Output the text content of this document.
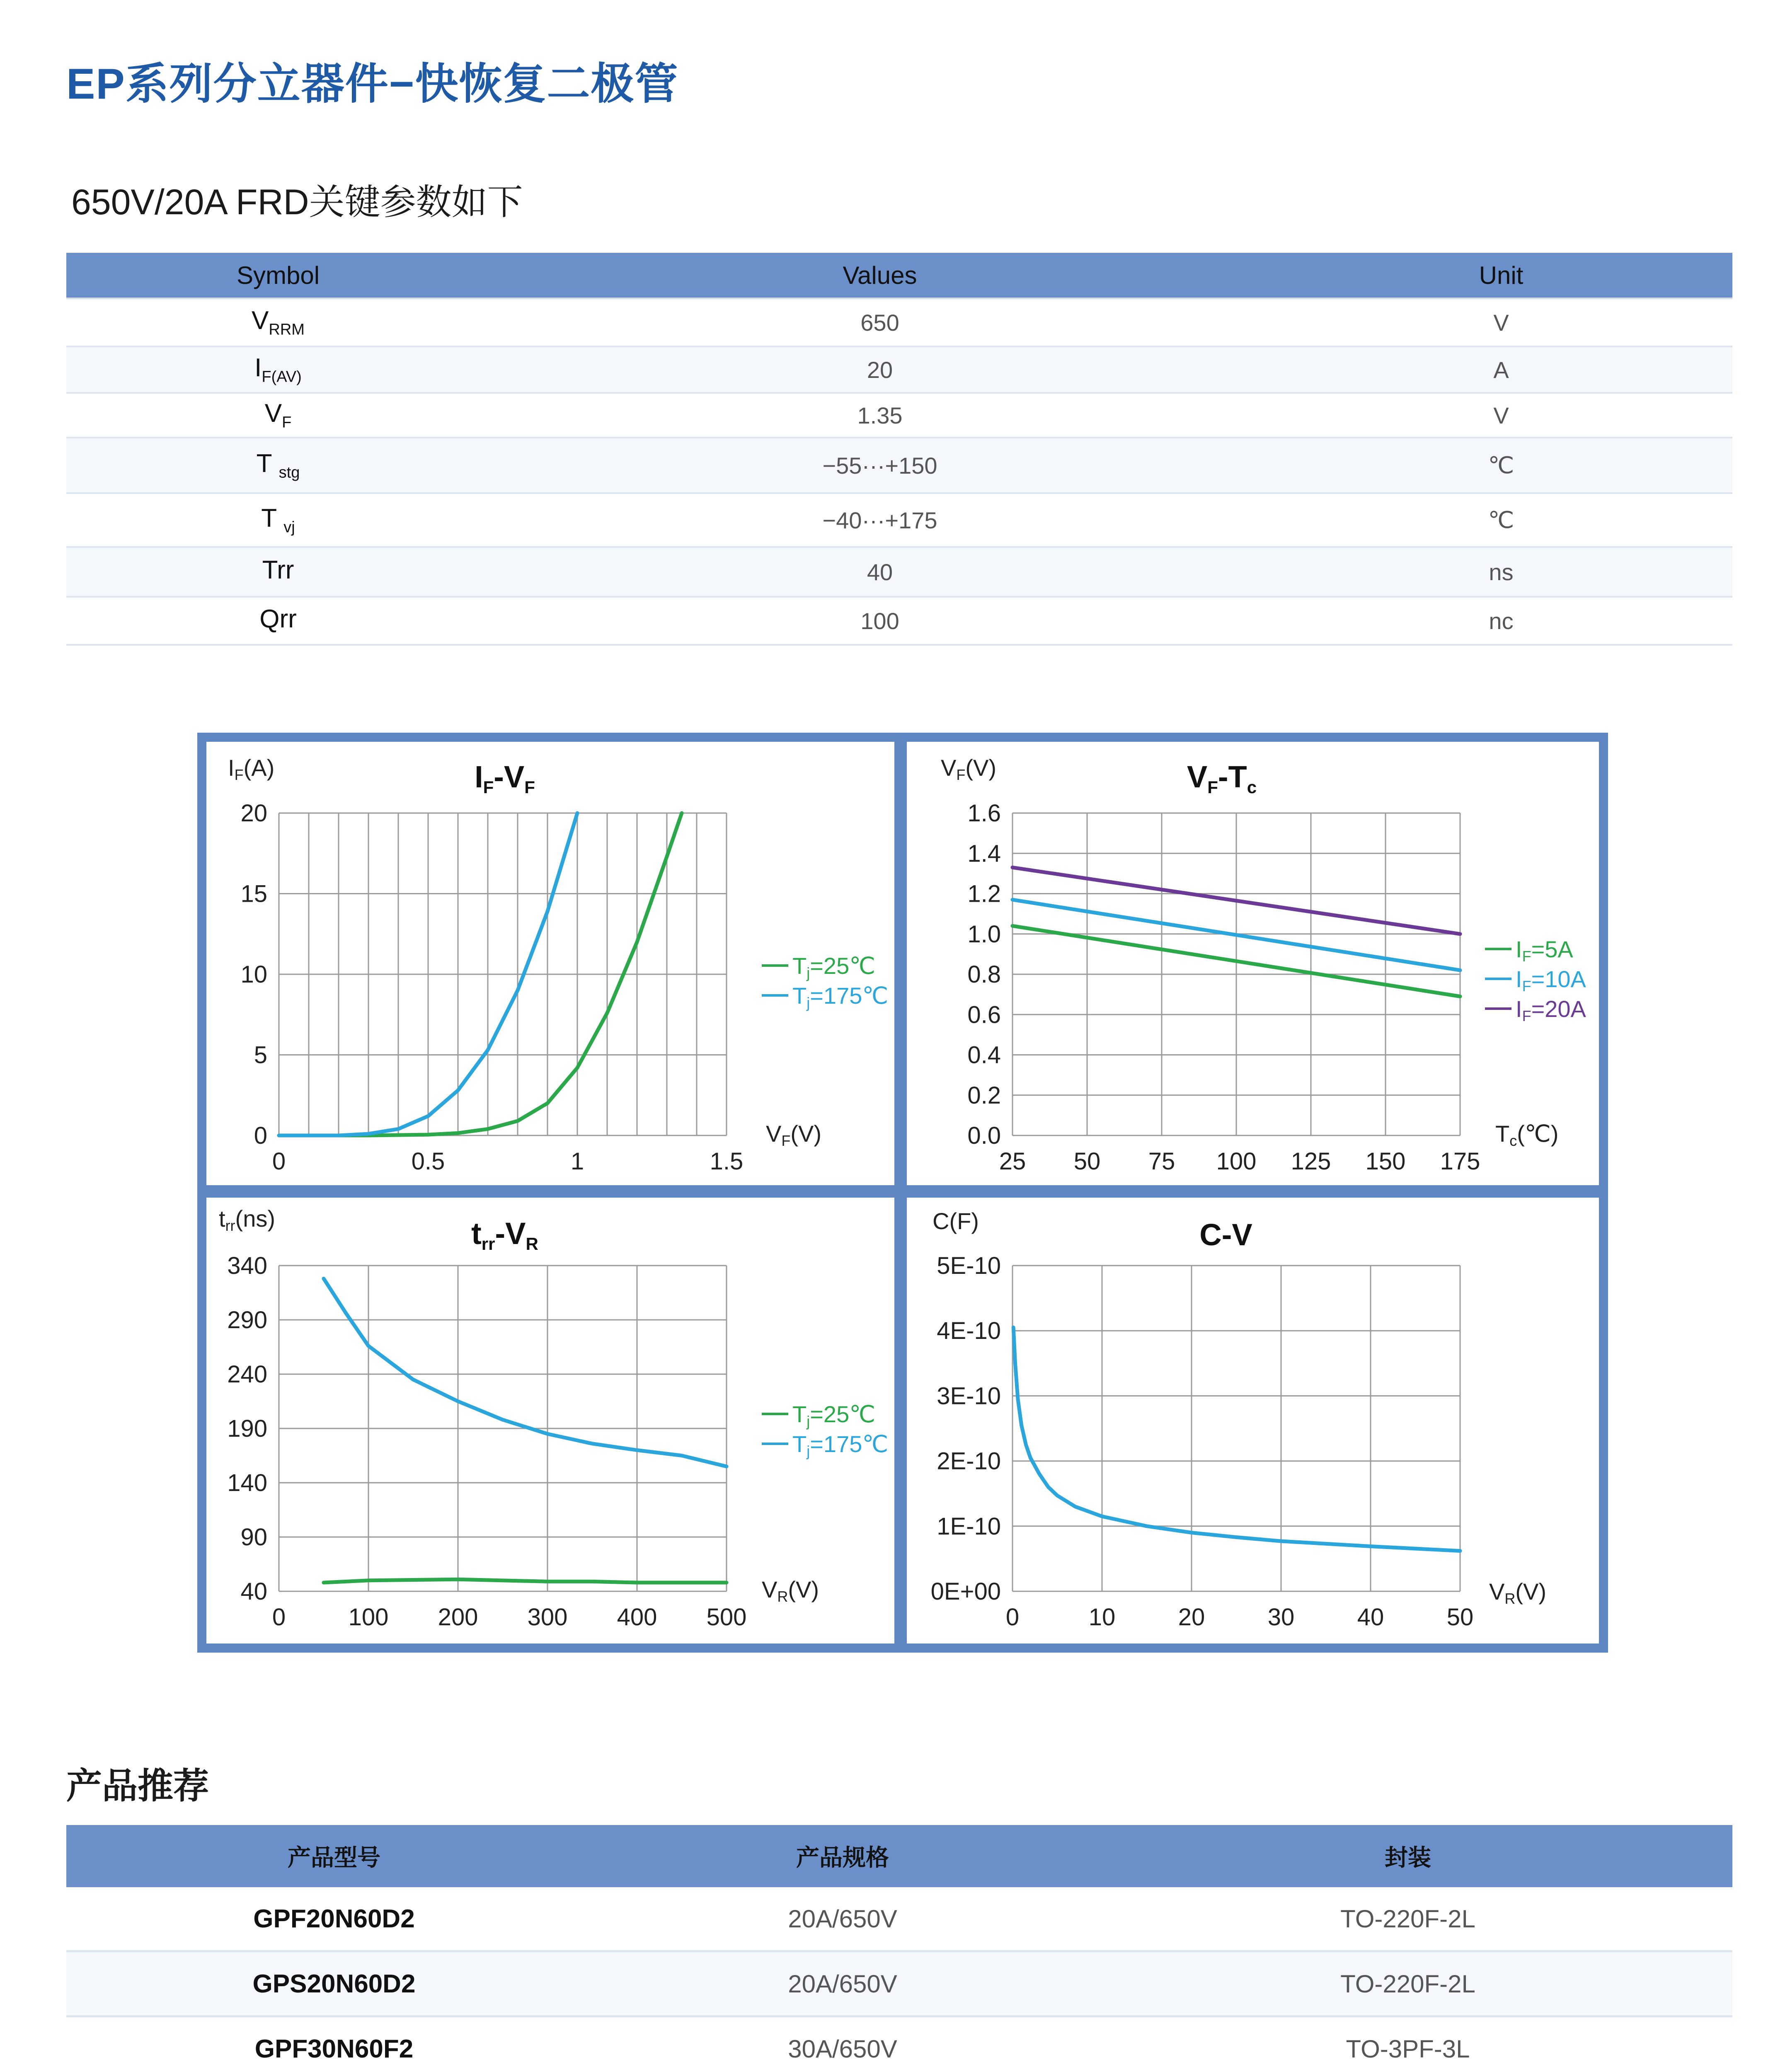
EP系列分立器件−快恢复二极管
650V/20A FRD关键参数如下
Symbol	Values	Unit
$V_{RRM}$	650	V
$I_{F(AV)}$	20	A
$V_F$	1.35	V
T $_{stg}$	−55···+150	℃
T $_{vj}$	−40···+175	℃
Trr	40	ns
Qrr	100	nc
0	0.5	1	1.5
0
5
10
15
20
IF-VF
IF(A)
VF(V)
Tj=25℃
Tj=175℃
25 50 75 100 125 150 175
0.0
0.2
0.4
0.6
0.8
1.0
1.2
1.4
1.6
VF-Tc
VF(V)
Tc(℃)
IF=5A
IF=10A
IF=20A
0	100 200 300 400 500
40
90
140
190
240
290
340
trr-VR
trr(ns)
VR(V)
Tj=25℃
Tj=175℃
0	10	20	30	40	50
0E+00
1E-10
2E-10
3E-10
4E-10
5E-10
C-V
C(F)
VR(V)
产品推荐
产品型号	产品规格	封装
GPF20N60D2	20A/650V	TO-220F-2L
GPS20N60D2	20A/650V	TO-220F-2L
GPF30N60F2	30A/650V	TO-3PF-3L
